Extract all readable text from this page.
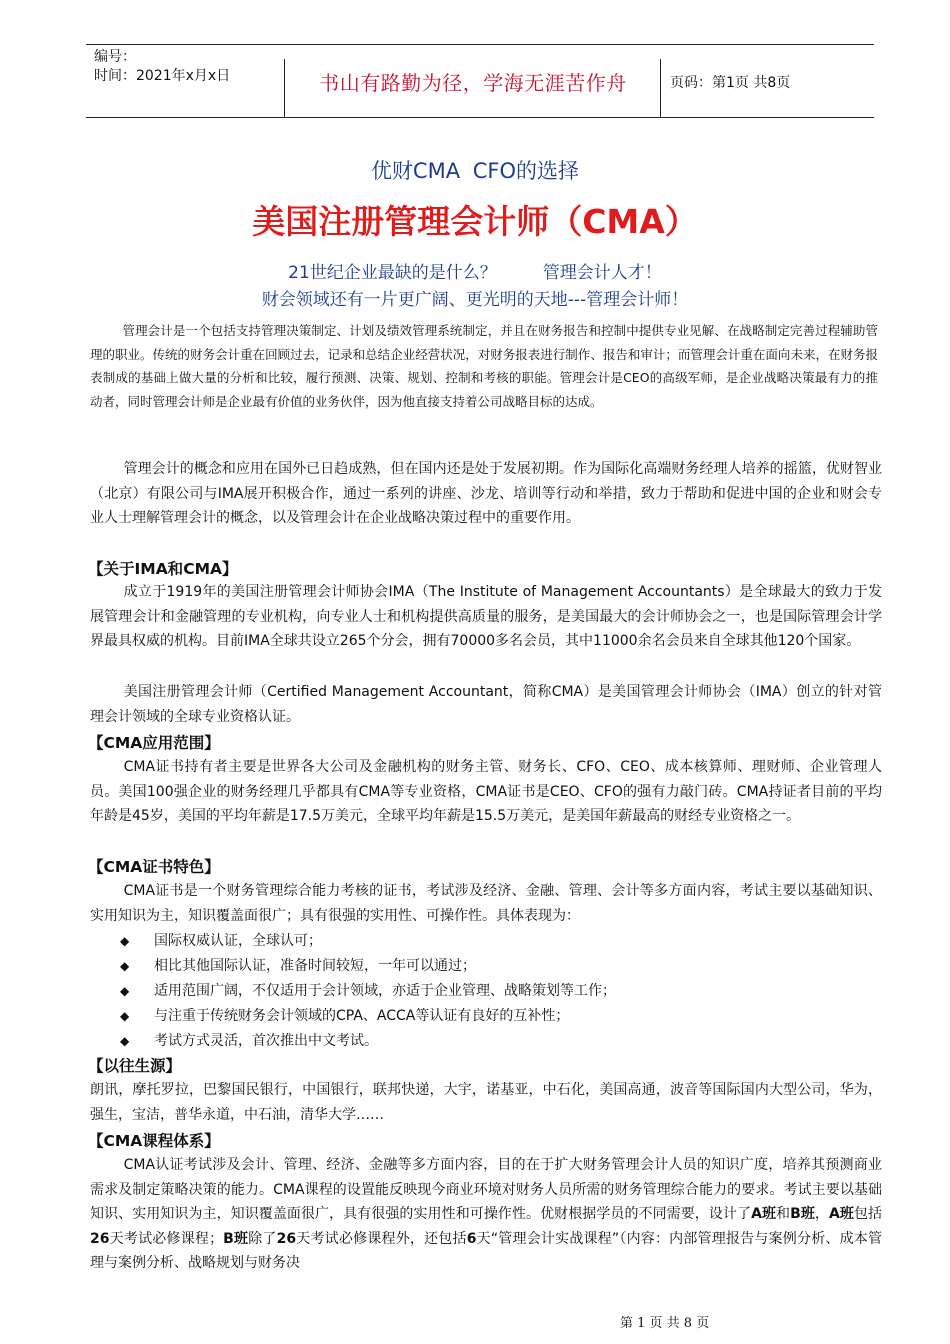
编号：
时间：2021年x月x日	书山有路勤为径，学海无涯苦作舟	页码：第1页 共8页
优财CMA CFO的选择
美国注册管理会计师（CMA）
21世纪企业最缺的是什么？	管理会计人才！
财会领域还有一片更广阔、更光明的天地---管理会计师！

管理会计是一个包括支持管理决策制定、计划及绩效管理系统制定，并且在财务报告和控制中提供专业见解、在战略制定完善过程辅助管理的职业。传统的财务会计重在回顾过去，记录和总结企业经营状况，对财务报表进行制作、报告和审计；而管理会计重在面向未来，在财务报表制成的基础上做大量的分析和比较，履行预测、决策、规划、控制和考核的职能。管理会计是CEO的高级军师，是企业战略决策最有力的推动者，同时管理会计师是企业最有价值的业务伙伴，因为他直接支持着公司战略目标的达成。

管理会计的概念和应用在国外已日趋成熟，但在国内还是处于发展初期。作为国际化高端财务经理人培养的摇篮，优财智业（北京）有限公司与IMA展开积极合作，通过一系列的讲座、沙龙、培训等行动和举措，致力于帮助和促进中国的企业和财会专业人士理解管理会计的概念，以及管理会计在企业战略决策过程中的重要作用。

【关于IMA和CMA】

成立于1919年的美国注册管理会计师协会IMA（The Institute of Management Accountants）是全球最大的致力于发展管理会计和金融管理的专业机构，向专业人士和机构提供高质量的服务，是美国最大的会计师协会之一，也是国际管理会计学界最具权威的机构。目前IMA全球共设立265个分会，拥有70000多名会员，其中11000余名会员来自全球其他120个国家。

美国注册管理会计师（Certified Management Accountant，简称CMA）是美国管理会计师协会（IMA）创立的针对管理会计领域的全球专业资格认证。

【CMA应用范围】

CMA证书持有者主要是世界各大公司及金融机构的财务主管、财务长、CFO、CEO、成本核算师、理财师、企业管理人员。美国100强企业的财务经理几乎都具有CMA等专业资格，CMA证书是CEO、CFO的强有力敲门砖。CMA持证者目前的平均年龄是45岁，美国的平均年薪是17.5万美元，全球平均年薪是15.5万美元，是美国年薪最高的财经专业资格之一。

【CMA证书特色】

CMA证书是一个财务管理综合能力考核的证书，考试涉及经济、金融、管理、会计等多方面内容，考试主要以基础知识、实用知识为主，知识覆盖面很广；具有很强的实用性、可操作性。具体表现为：

◆ 国际权威认证，全球认可；

◆ 相比其他国际认证，准备时间较短，一年可以通过；

◆ 适用范围广阔，不仅适用于会计领域，亦适于企业管理、战略策划等工作；

◆ 与注重于传统财务会计领域的CPA、ACCA等认证有良好的互补性；

◆ 考试方式灵活，首次推出中文考试。

【以往生源】

朗讯，摩托罗拉，巴黎国民银行，中国银行，联邦快递，大宇，诺基亚，中石化，美国高通，波音等国际国内大型公司，华为，强生，宝洁，普华永道，中石油，清华大学……

【CMA课程体系】

CMA认证考试涉及会计、管理、经济、金融等多方面内容，目的在于扩大财务管理会计人员的知识广度，培养其预测商业需求及制定策略决策的能力。CMA课程的设置能反映现今商业环境对财务人员所需的财务管理综合能力的要求。考试主要以基础知识、实用知识为主，知识覆盖面很广，具有很强的实用性和可操作性。优财根据学员的不同需要，设计了A班和B班，A班包括26天考试必修课程；B班除了26天考试必修课程外，还包括6天“管理会计实战课程”（内容：内部管理报告与案例分析、成本管理与案例分析、战略规划与财务决

第 1 页 共 8 页
